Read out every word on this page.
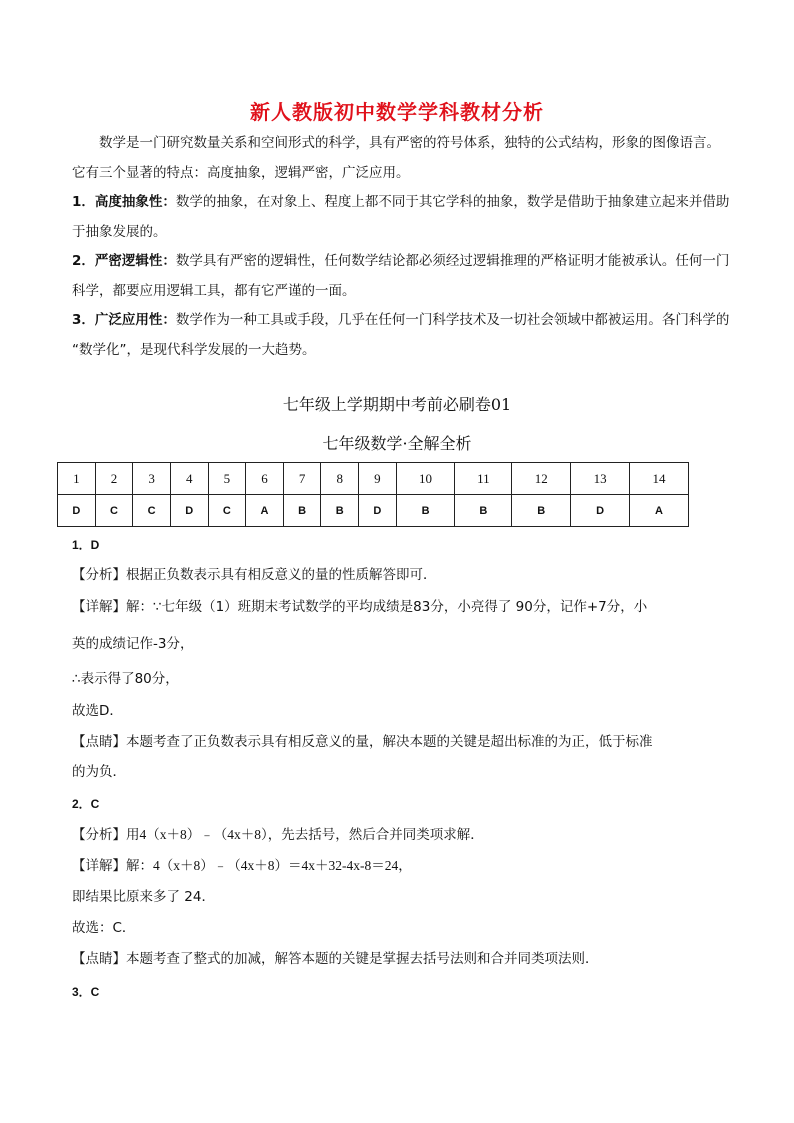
新人教版初中数学学科教材分析
数学是一门研究数量关系和空间形式的科学，具有严密的符号体系，独特的公式结构，形象的图像语言。它有三个显著的特点：高度抽象，逻辑严密，广泛应用。
1．高度抽象性：数学的抽象，在对象上、程度上都不同于其它学科的抽象，数学是借助于抽象建立起来并借助于抽象发展的。
2．严密逻辑性：数学具有严密的逻辑性，任何数学结论都必须经过逻辑推理的严格证明才能被承认。任何一门科学，都要应用逻辑工具，都有它严谨的一面。
3．广泛应用性：数学作为一种工具或手段，几乎在任何一门科学技术及一切社会领域中都被运用。各门科学的 “数学化”，是现代科学发展的一大趋势。
七年级上学期期中考前必刷卷01
七年级数学·全解全析
1	2	3	4	5	6	7	8	9	10	11	12	13	14
D	C	C	D	C	A	B	B	D	B	B	B	D	A
1．D
【分析】根据正负数表示具有相反意义的量的性质解答即可．
【详解】解：∵七年级（1）班期末考试数学的平均成绩是83分，小亮得了 90分，记作+7分，小
英的成绩记作-3分，
∴表示得了80分，
故选D．
【点睛】本题考查了正负数表示具有相反意义的量，解决本题的关键是超出标准的为正，低于标准
的为负．
2．C
【分析】用4（x＋8）﹣（4x＋8），先去括号，然后合并同类项求解．
【详解】解：4（x＋8）﹣（4x＋8）＝4x＋32-4x-8＝24，
即结果比原来多了 24．
故选：C．
【点睛】本题考查了整式的加减，解答本题的关键是掌握去括号法则和合并同类项法则．
3．C
